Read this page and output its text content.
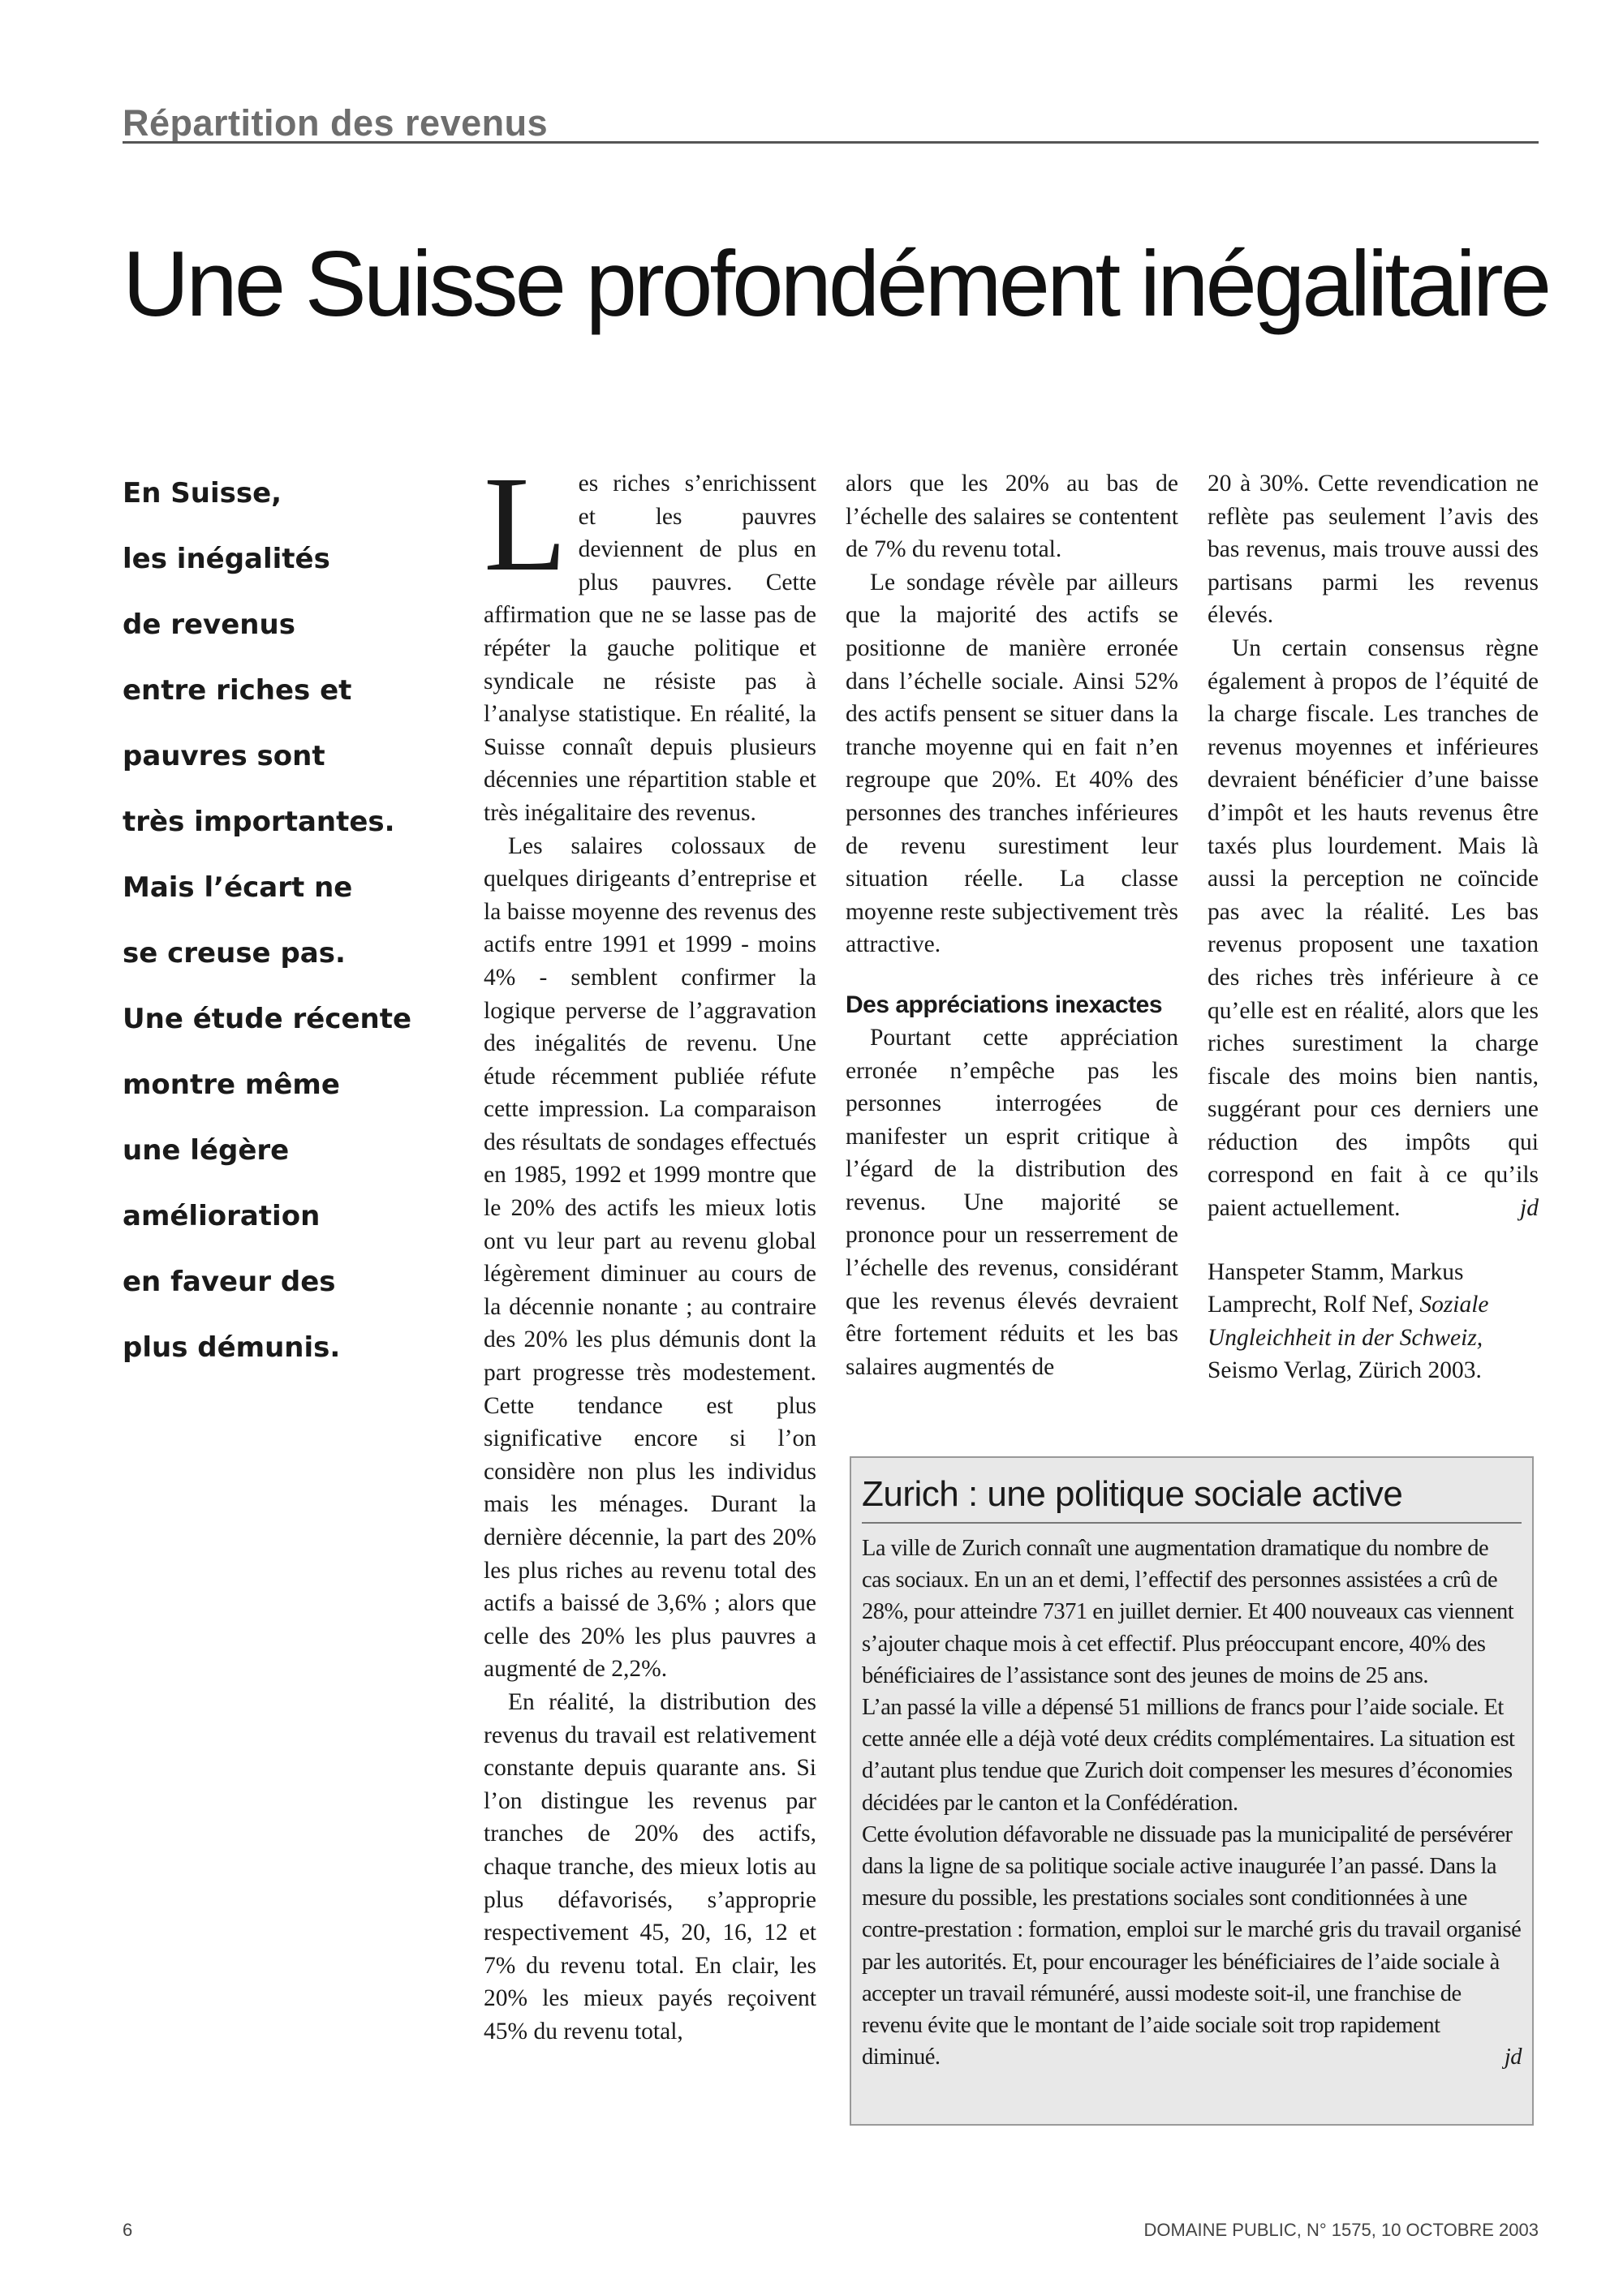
Répartition des revenus
Une Suisse profondément inégalitaire
En Suisse,
les inégalités
de revenus
entre riches et
pauvres sont
très importantes.
Mais l’écart ne
se creuse pas.
Une étude récente
montre même
une légère
amélioration
en faveur des
plus démunis.

Les riches s’enrichissent et les pauvres deviennent de plus en plus pauvres. Cette affirmation que ne se lasse pas de répéter la gauche politique et syndicale ne résiste pas à l’analyse statistique. En réalité, la Suisse connaît depuis plusieurs décennies une répartition stable et très inégalitaire des revenus.

Les salaires colossaux de quelques dirigeants d’entreprise et la baisse moyenne des revenus des actifs entre 1991 et 1999 - moins 4% - semblent confirmer la logique perverse de l’aggravation des inégalités de revenu. Une étude récemment publiée réfute cette impression. La comparaison des résultats de sondages effectués en 1985, 1992 et 1999 montre que le 20% des actifs les mieux lotis ont vu leur part au revenu global légèrement diminuer au cours de la décennie nonante ; au contraire des 20% les plus démunis dont la part progresse très modestement. Cette tendance est plus significative encore si l’on considère non plus les individus mais les ménages. Durant la dernière décennie, la part des 20% les plus riches au revenu total des actifs a baissé de 3,6% ; alors que celle des 20% les plus pauvres a augmenté de 2,2%.

En réalité, la distribution des revenus du travail est relativement constante depuis quarante ans. Si l’on distingue les revenus par tranches de 20% des actifs, chaque tranche, des mieux lotis au plus défavorisés, s’approprie respectivement 45, 20, 16, 12 et 7% du revenu total. En clair, les 20% les mieux payés reçoivent 45% du revenu total,

alors que les 20% au bas de l’échelle des salaires se contentent de 7% du revenu total.

Le sondage révèle par ailleurs que la majorité des actifs se positionne de manière erronée dans l’échelle sociale. Ainsi 52% des actifs pensent se situer dans la tranche moyenne qui en fait n’en regroupe que 20%. Et 40% des personnes des tranches inférieures de revenu surestiment leur situation réelle. La classe moyenne reste subjectivement très attractive.

Des appréciations inexactes

Pourtant cette appréciation erronée n’empêche pas les personnes interrogées de manifester un esprit critique à l’égard de la distribution des revenus. Une majorité se prononce pour un resserrement de l’échelle des revenus, considérant que les revenus élevés devraient être fortement réduits et les bas salaires augmentés de

20 à 30%. Cette revendication ne reflète pas seulement l’avis des bas revenus, mais trouve aussi des partisans parmi les revenus élevés.

Un certain consensus règne également à propos de l’équité de la charge fiscale. Les tranches de revenus moyennes et inférieures devraient bénéficier d’une baisse d’impôt et les hauts revenus être taxés plus lourdement. Mais là aussi la perception ne coïncide pas avec la réalité. Les bas revenus proposent une taxation des riches très inférieure à ce qu’elle est en réalité, alors que les riches surestiment la charge fiscale des moins bien nantis, suggérant pour ces derniers une réduction des impôts qui correspond en fait à ce qu’ils paient actuellement.	jd

Hanspeter Stamm, Markus Lamprecht, Rolf Nef, Soziale Ungleichheit in der Schweiz, Seismo Verlag, Zürich 2003.

Zurich : une politique sociale active

La ville de Zurich connaît une augmentation dramatique du nombre de cas sociaux. En un an et demi, l’effectif des personnes assistées a crû de 28%, pour atteindre 7371 en juillet dernier. Et 400 nouveaux cas viennent s’ajouter chaque mois à cet effectif. Plus préoccupant encore, 40% des bénéficiaires de l’assistance sont des jeunes de moins de 25 ans.

L’an passé la ville a dépensé 51 millions de francs pour l’aide sociale. Et cette année elle a déjà voté deux crédits complémentaires. La situation est d’autant plus tendue que Zurich doit compenser les mesures d’économies décidées par le canton et la Confédération.

Cette évolution défavorable ne dissuade pas la municipalité de persévérer dans la ligne de sa politique sociale active inaugurée l’an passé. Dans la mesure du possible, les prestations sociales sont conditionnées à une contre-prestation : formation, emploi sur le marché gris du travail organisé par les autorités. Et, pour encourager les bénéficiaires de l’aide sociale à accepter un travail rémunéré, aussi modeste soit-il, une franchise de revenu évite que le montant de l’aide sociale soit trop rapidement diminué.	jd

6	DOMAINE PUBLIC, N° 1575, 10 OCTOBRE 2003
